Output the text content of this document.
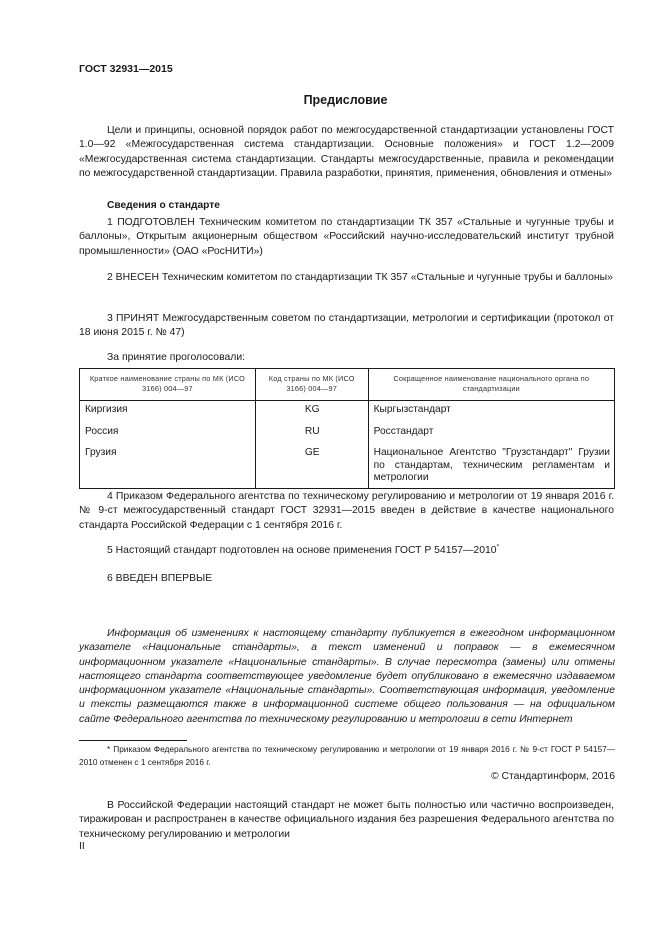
ГОСТ 32931—2015
Предисловие
Цели и принципы, основной порядок работ по межгосударственной стандартизации установлены ГОСТ 1.0—92 «Межгосударственная система стандартизации. Основные положения» и ГОСТ 1.2—2009 «Межгосударственная система стандартизации. Стандарты межгосударственные, правила и рекомендации по межгосударственной стандартизации. Правила разработки, принятия, применения, обновления и отмены»
Сведения о стандарте
1 ПОДГОТОВЛЕН Техническим комитетом по стандартизации ТК 357 «Стальные и чугунные трубы и баллоны», Открытым акционерным обществом «Российский научно-исследовательский институт трубной промышленности» (ОАО «РосНИТИ»)
2 ВНЕСЕН Техническим комитетом по стандартизации ТК 357 «Стальные и чугунные трубы и баллоны»
3 ПРИНЯТ Межгосударственным советом по стандартизации, метрологии и сертификации (протокол от 18 июня 2015 г. № 47)
За принятие проголосовали:
Краткое наименование страны по МК (ИСО 3166) 004—97	Код страны по МК (ИСО 3166) 004—97	Сокращенное наименование национального органа по стандартизации
Киргизия	KG	Кыргызстандарт
Россия	RU	Росстандарт
Грузия	GE	Национальное Агентство "Грузстандарт" Грузии по стандартам, техническим регламентам и метрологии
4 Приказом Федерального агентства по техническому регулированию и метрологии от 19 января 2016 г. № 9-ст межгосударственный стандарт ГОСТ 32931—2015 введен в действие в качестве национального стандарта Российской Федерации с 1 сентября 2016 г.
5 Настоящий стандарт подготовлен на основе применения ГОСТ Р 54157—2010*
6 ВВЕДЕН ВПЕРВЫЕ
Информация об изменениях к настоящему стандарту публикуется в ежегодном информационном указателе «Национальные стандарты», а текст изменений и поправок — в ежемесячном информационном указателе «Национальные стандарты». В случае пересмотра (замены) или отмены настоящего стандарта соответствующее уведомление будет опубликовано в ежемесячно издаваемом информационном указателе «Национальные стандарты». Соответствующая информация, уведомление и тексты размещаются также в информационной системе общего пользования — на официальном сайте Федерального агентства по техническому регулированию и метрологии в сети Интернет
* Приказом Федерального агентства по техническому регулированию и метрологии от 19 января 2016 г. № 9-ст ГОСТ Р 54157—2010 отменен с 1 сентября 2016 г.
© Стандартинформ, 2016
В Российской Федерации настоящий стандарт не может быть полностью или частично воспроизведен, тиражирован и распространен в качестве официального издания без разрешения Федерального агентства по техническому регулированию и метрологии
II
